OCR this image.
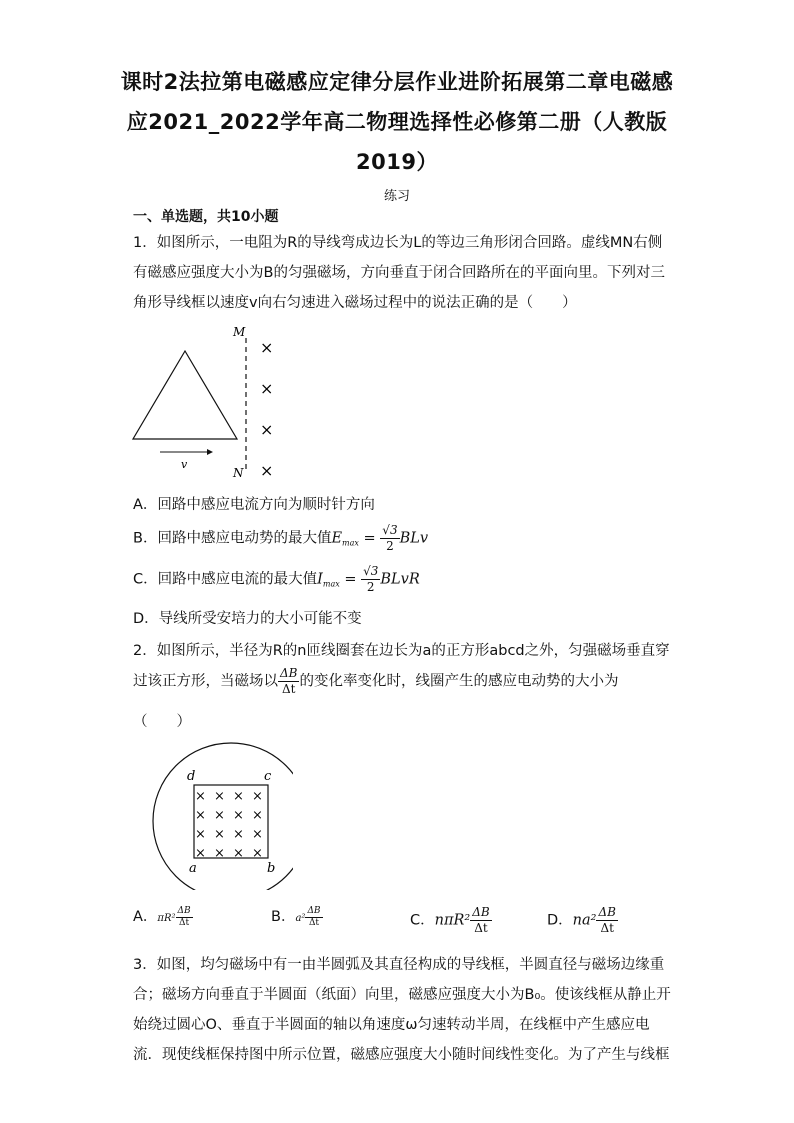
课时2法拉第电磁感应定律分层作业进阶拓展第二章电磁感
应2021_2022学年高二物理选择性必修第二册（人教版
2019）
练习
一、单选题，共10小题
1．如图所示，一电阻为R的导线弯成边长为L的等边三角形闭合回路。虚线MN右侧有磁感应强度大小为B的匀强磁场，方向垂直于闭合回路所在的平面向里。下列对三角形导线框以速度v向右匀速进入磁场过程中的说法正确的是（　　）
M
N
×
×
×
×
v
A．回路中感应电流方向为顺时针方向
B．回路中感应电动势的最大值$E_{max} = \frac{√3}{2}$ BLv
C．回路中感应电流的最大值$I_{max} = \frac{√3}{2}$ BLvR
D．导线所受安培力的大小可能不变
2．如图所示，半径为R的n匝线圈套在边长为a的正方形abcd之外，匀强磁场垂直穿过该正方形，当磁场以 $\frac{\Delta B}{\Delta t}$ 的变化率变化时，线圈产生的感应电动势的大小为
（　　）
d	c
a	b
× × × ×
× × × ×
× × × ×
× × × ×
A．$\pi R^2 \frac{\Delta B}{\Delta t}$	B．$a^2 \frac{\Delta B}{\Delta t}$	C．$n\pi R^2 \frac{\Delta B}{\Delta t}$	D．$na^2 \frac{\Delta B}{\Delta t}$
3．如图，均匀磁场中有一由半圆弧及其直径构成的导线框，半圆直径与磁场边缘重
合；磁场方向垂直于半圆面（纸面）向里，磁感应强度大小为B₀。使该线框从静止开
始绕过圆心O、垂直于半圆面的轴以角速度ω匀速转动半周，在线框中产生感应电
流．现使线框保持图中所示位置，磁感应强度大小随时间线性变化。为了产生与线框
